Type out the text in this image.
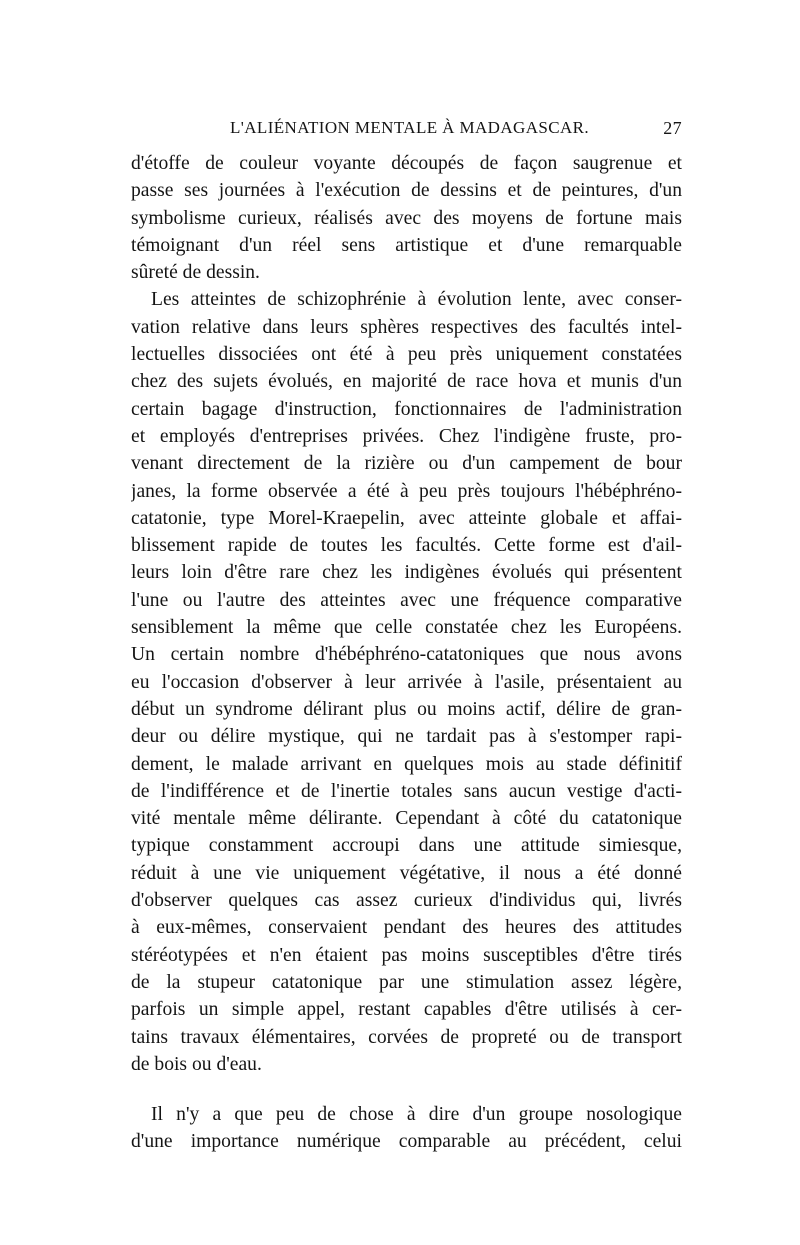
L'ALIÉNATION MENTALE À MADAGASCAR.	27
d'étoffe de couleur voyante découpés de façon saugrenue et
passe ses journées à l'exécution de dessins et de peintures, d'un
symbolisme curieux, réalisés avec des moyens de fortune mais
témoignant d'un réel sens artistique et d'une remarquable
sûreté de dessin.
Les atteintes de schizophrénie à évolution lente, avec conser-
vation relative dans leurs sphères respectives des facultés intel-
lectuelles dissociées ont été à peu près uniquement constatées
chez des sujets évolués, en majorité de race hova et munis d'un
certain bagage d'instruction, fonctionnaires de l'administration
et employés d'entreprises privées. Chez l'indigène fruste, pro-
venant directement de la rizière ou d'un campement de bour
janes, la forme observée a été à peu près toujours l'hébéphréno-
catatonie, type Morel-Kraepelin, avec atteinte globale et affai-
blissement rapide de toutes les facultés. Cette forme est d'ail-
leurs loin d'être rare chez les indigènes évolués qui présentent
l'une ou l'autre des atteintes avec une fréquence comparative
sensiblement la même que celle constatée chez les Européens.
Un certain nombre d'hébéphréno-catatoniques que nous avons
eu l'occasion d'observer à leur arrivée à l'asile, présentaient au
début un syndrome délirant plus ou moins actif, délire de gran-
deur ou délire mystique, qui ne tardait pas à s'estomper rapi-
dement, le malade arrivant en quelques mois au stade définitif
de l'indifférence et de l'inertie totales sans aucun vestige d'acti-
vité mentale même délirante. Cependant à côté du catatonique
typique constamment accroupi dans une attitude simiesque,
réduit à une vie uniquement végétative, il nous a été donné
d'observer quelques cas assez curieux d'individus qui, livrés
à eux-mêmes, conservaient pendant des heures des attitudes
stéréotypées et n'en étaient pas moins susceptibles d'être tirés
de la stupeur catatonique par une stimulation assez légère,
parfois un simple appel, restant capables d'être utilisés à cer-
tains travaux élémentaires, corvées de propreté ou de transport
de bois ou d'eau.
Il n'y a que peu de chose à dire d'un groupe nosologique
d'une importance numérique comparable au précédent, celui
